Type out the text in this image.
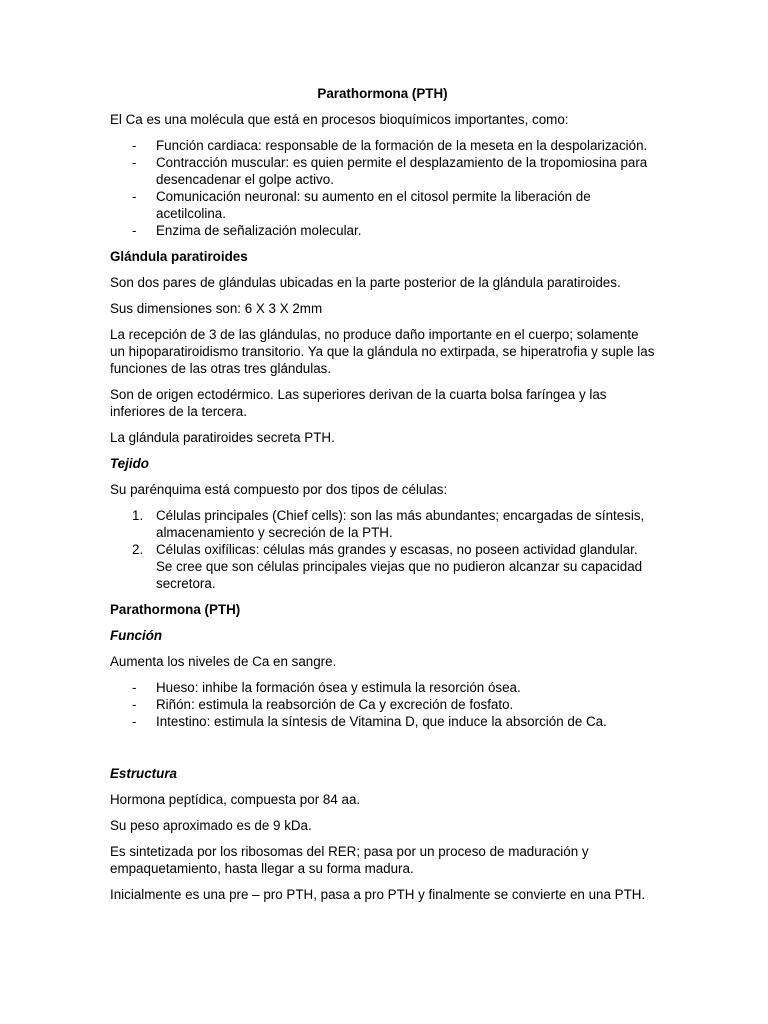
Parathormona (PTH)

El Ca es una molécula que está en procesos bioquímicos importantes, como:

- Función cardiaca: responsable de la formación de la meseta en la despolarización.
- Contracción muscular: es quien permite el desplazamiento de la tropomiosina para desencadenar el golpe activo.
- Comunicación neuronal: su aumento en el citosol permite la liberación de acetilcolina.
- Enzima de señalización molecular.
Glándula paratiroides

Son dos pares de glándulas ubicadas en la parte posterior de la glándula paratiroides.

Sus dimensiones son: 6 X 3 X 2mm

La recepción de 3 de las glándulas, no produce daño importante en el cuerpo; solamente un hipoparatiroidismo transitorio. Ya que la glándula no extirpada, se hiperatrofia y suple las funciones de las otras tres glándulas.

Son de origen ectodérmico. Las superiores derivan de la cuarta bolsa faríngea y las inferiores de la tercera.

La glándula paratiroides secreta PTH.

Tejido

Su parénquima está compuesto por dos tipos de células:

1. Células principales (Chief cells): son las más abundantes; encargadas de síntesis, almacenamiento y secreción de la PTH.
2. Células oxifílicas: células más grandes y escasas, no poseen actividad glandular. Se cree que son células principales viejas que no pudieron alcanzar su capacidad secretora.
Parathormona (PTH)
Función

Aumenta los niveles de Ca en sangre.

- Hueso: inhibe la formación ósea y estimula la resorción ósea.
- Riñón: estimula la reabsorción de Ca y excreción de fosfato.
- Intestino: estimula la síntesis de Vitamina D, que induce la absorción de Ca.
Estructura

Hormona peptídica, compuesta por 84 aa.

Su peso aproximado es de 9 kDa.

Es sintetizada por los ribosomas del RER; pasa por un proceso de maduración y empaquetamiento, hasta llegar a su forma madura.

Inicialmente es una pre – pro PTH, pasa a pro PTH y finalmente se convierte en una PTH.
